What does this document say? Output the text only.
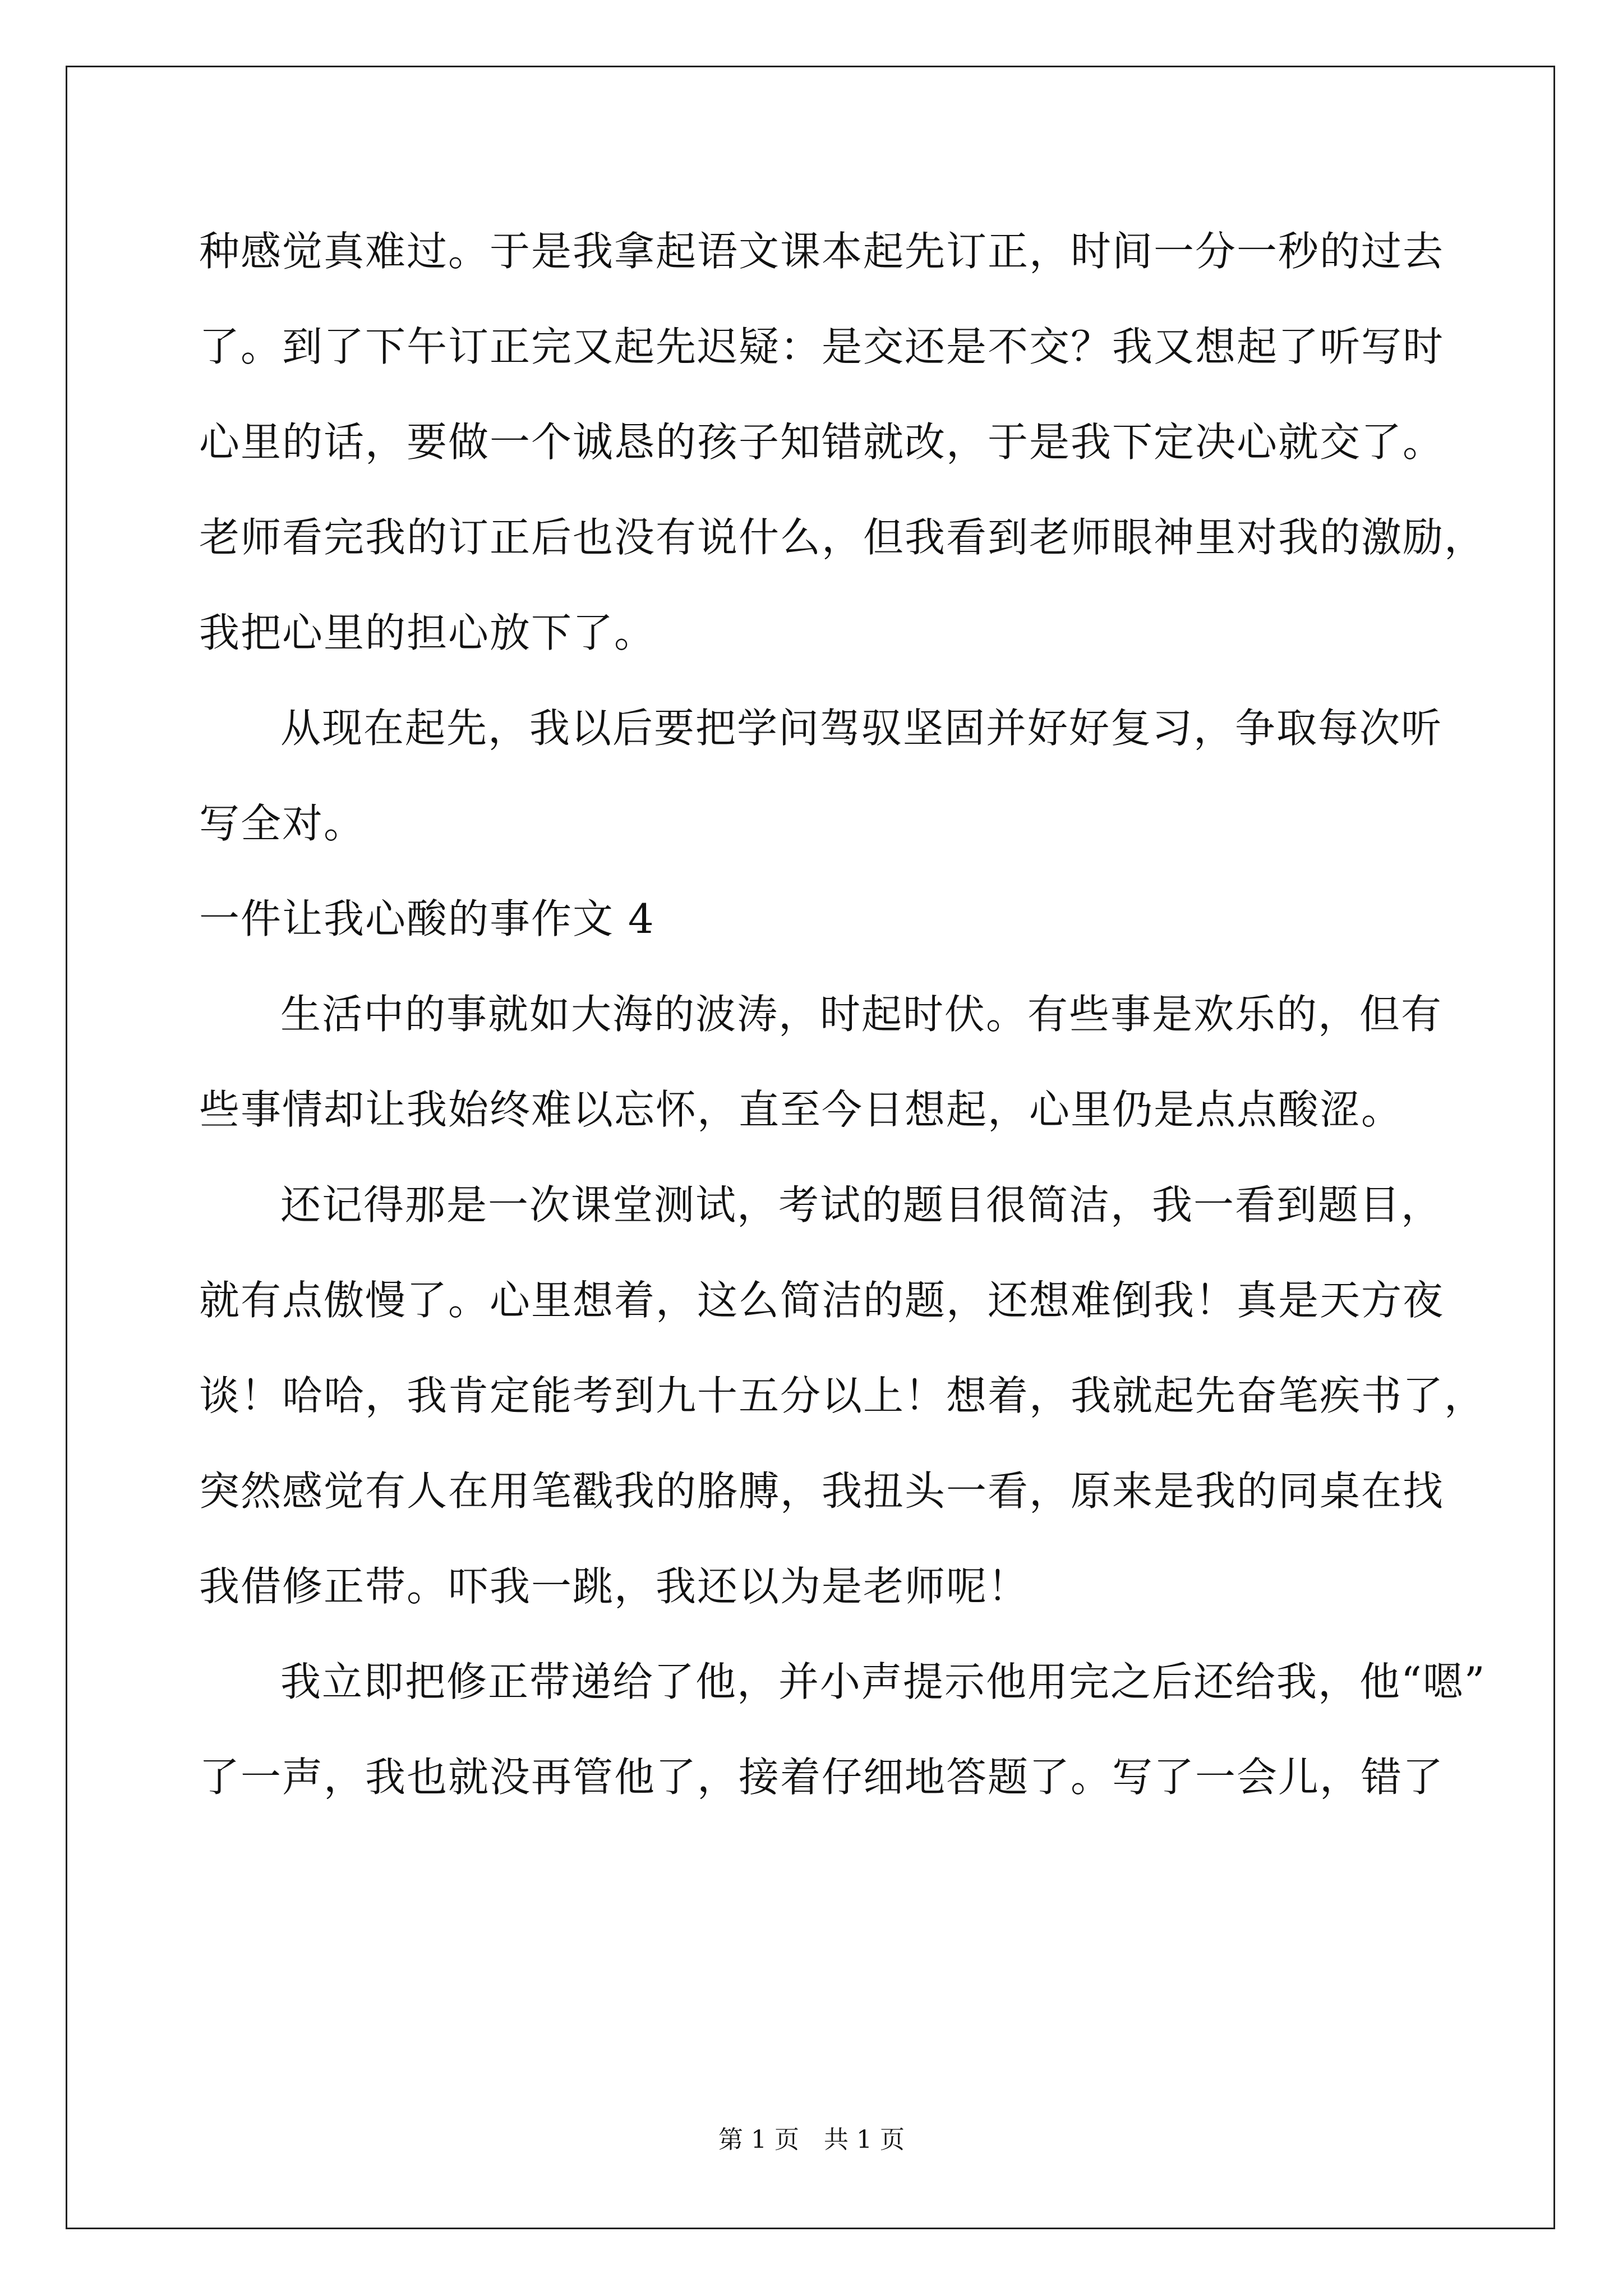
种感觉真难过。于是我拿起语文课本起先订正，时间一分一秒的过去
了。到了下午订正完又起先迟疑：是交还是不交？我又想起了听写时
心里的话，要做一个诚恳的孩子知错就改，于是我下定决心就交了。
老师看完我的订正后也没有说什么，但我看到老师眼神里对我的激励，
我把心里的担心放下了。
从现在起先，我以后要把学问驾驭坚固并好好复习，争取每次听
写全对。
一件让我心酸的事作文 4
生活中的事就如大海的波涛，时起时伏。有些事是欢乐的，但有
些事情却让我始终难以忘怀，直至今日想起，心里仍是点点酸涩。
还记得那是一次课堂测试，考试的题目很简洁，我一看到题目，
就有点傲慢了。心里想着，这么简洁的题，还想难倒我！真是天方夜
谈！哈哈，我肯定能考到九十五分以上！想着，我就起先奋笔疾书了，
突然感觉有人在用笔戳我的胳膊，我扭头一看，原来是我的同桌在找
我借修正带。吓我一跳，我还以为是老师呢！
我立即把修正带递给了他，并小声提示他用完之后还给我，他“嗯”
了一声，我也就没再管他了，接着仔细地答题了。写了一会儿，错了
第 1 页　共 1 页
